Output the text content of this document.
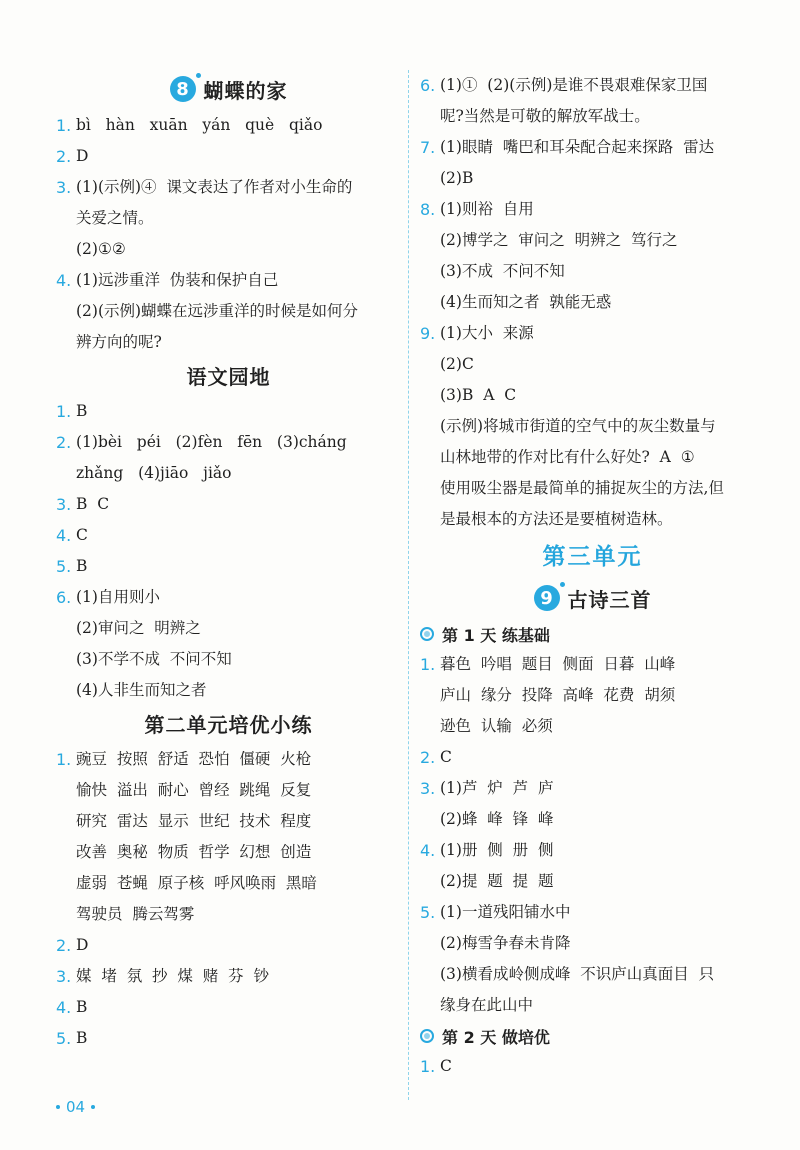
8 蝴蝶的家
1. bì   hàn   xuān   yán   què   qiǎo
2. D
3. (1)(示例)④  课文表达了作者对小生命的
关爱之情。
(2)①②
4. (1)远涉重洋  伪装和保护自己
(2)(示例)蝴蝶在远涉重洋的时候是如何分
辨方向的呢?
语文园地
1. B
2. (1)bèi   péi   (2)fèn   fēn   (3)cháng
zhǎng   (4)jiāo   jiǎo
3. B  C
4. C
5. B
6. (1)自用则小
(2)审问之  明辨之
(3)不学不成  不问不知
(4)人非生而知之者
第二单元培优小练
1. 豌豆  按照  舒适  恐怕  僵硬  火枪
愉快  溢出  耐心  曾经  跳绳  反复
研究  雷达  显示  世纪  技术  程度
改善  奥秘  物质  哲学  幻想  创造
虚弱  苍蝇  原子核  呼风唤雨  黑暗
驾驶员  腾云驾雾
2. D
3. 媒  堵  氛  抄  煤  赌  芬  钞
4. B
5. B
6. (1)①  (2)(示例)是谁不畏艰难保家卫国
呢?当然是可敬的解放军战士。
7. (1)眼睛  嘴巴和耳朵配合起来探路  雷达
(2)B
8. (1)则裕  自用
(2)博学之  审问之  明辨之  笃行之
(3)不成  不问不知
(4)生而知之者  孰能无惑
9. (1)大小  来源
(2)C
(3)B  A  C
(示例)将城市街道的空气中的灰尘数量与
山林地带的作对比有什么好处?  A  ①
使用吸尘器是最简单的捕捉灰尘的方法,但
是最根本的方法还是要植树造林。
第三单元
9 古诗三首
第 1 天 练基础
1. 暮色  吟唱  题目  侧面  日暮  山峰
庐山  缘分  投降  高峰  花费  胡须
逊色  认输  必须
2. C
3. (1)芦  炉  芦  庐
(2)蜂  峰  锋  峰
4. (1)册  侧  册  侧
(2)提  题  提  题
5. (1)一道残阳铺水中
(2)梅雪争春未肯降
(3)横看成岭侧成峰  不识庐山真面目  只
缘身在此山中
第 2 天 做培优
1. C
04
